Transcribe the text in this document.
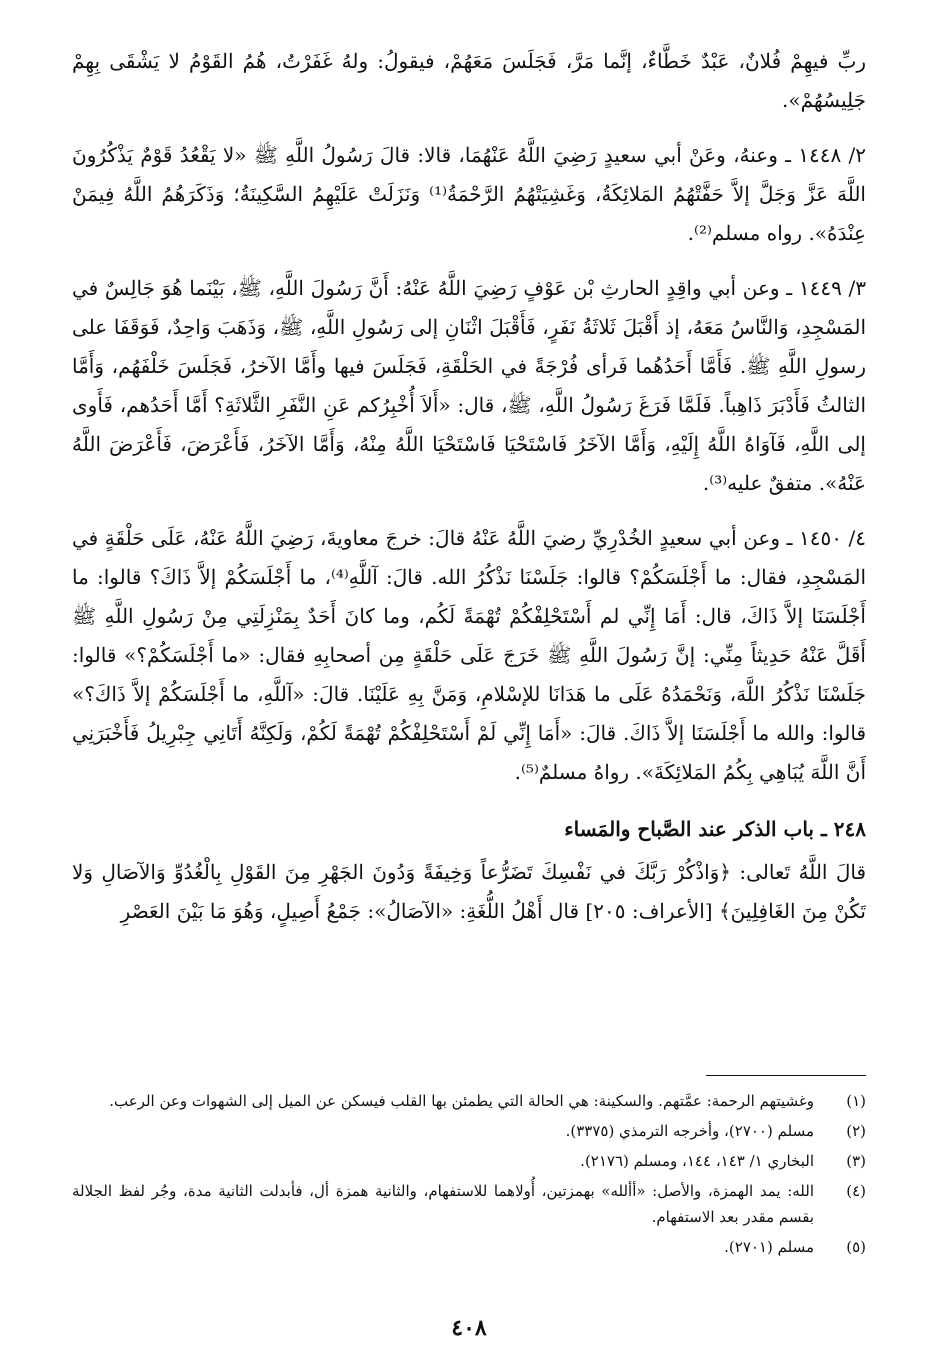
ربِّ فيهِمْ فُلانٌ، عَبْدٌ خَطَّاءٌ، إنَّما مَرَّ، فَجَلَسَ مَعَهُمْ، فيقولُ: ولهُ غَفَرْتُ، هُمُ القَوْمُ لا يَشْقَى بِهِمْ جَلِيسُهُمْ».

٢/ ١٤٤٨ ـ وعنهُ، وعَنْ أبي سعيدٍ رَضِيَ اللَّهُ عَنْهُمَا، قالا: قالَ رَسُولُ اللَّهِ ﷺ «لا يَقْعُدُ قَوْمٌ يَذْكُرُونَ اللَّهَ عَزَّ وَجَلَّ إلاَّ حَفَّتْهُمُ المَلائِكَةُ، وَغَشِيَتْهُمُ الرَّحْمَةُ⁽¹⁾ وَنَزَلَتْ عَلَيْهِمُ السَّكِينَةُ؛ وَذَكَرَهُمُ اللَّهُ فِيمَنْ عِنْدَهُ». رواه مسلم⁽²⁾.

٣/ ١٤٤٩ ـ وعن أبي واقِدٍ الحارثِ بْن عَوْفٍ رَضِيَ اللَّهُ عَنْهُ: أَنَّ رَسُولَ اللَّهِ، ﷺ، بَيْنَما هُوَ جَالِسٌ في المَسْجِدِ، وَالنَّاسُ مَعَهُ، إذ أَقْبَلَ ثَلاثَةُ نَفَرٍ، فَأَقْبَلَ اثْنَانِ إلى رَسُولِ اللَّهِ، ﷺ، وَذَهَبَ وَاحِدٌ، فَوَقَفَا على رسولِ اللَّهِ ﷺ. فَأَمَّا أَحَدُهُما فَرأى فُرْجَةً في الحَلْقَةِ، فَجَلَسَ فيها وأَمَّا الآخرُ، فَجَلَسَ خَلْفَهُم، وَأَمَّا الثالثُ فَأَدْبَرَ ذَاهِباً. فَلَمَّا فَرَغَ رَسُولُ اللَّهِ، ﷺ، قال: «أَلاَ أُخْبِرُكم عَنِ النَّفَرِ الثَّلاثَةِ؟ أَمَّا أَحَدُهم، فَأَوى إلى اللَّهِ، فَآوَاهُ اللَّهُ إِلَيْهِ، وَأَمَّا الآخَرُ فَاسْتَحْيَا فَاسْتَحْيَا اللَّهُ مِنْهُ، وَأَمَّا الآخَرُ، فَأَعْرَضَ، فَأَعْرَضَ اللَّهُ عَنْهُ». متفقٌ عليه⁽³⁾.

٤/ ١٤٥٠ ـ وعن أبي سعيدٍ الخُدْرِيِّ رضيَ اللَّهُ عَنْهُ قالَ: خرجَ معاويةَ، رَضِيَ اللَّهُ عَنْهُ، عَلَى حَلْقَةٍ في المَسْجِدِ، فقال: ما أَجْلَسَكُمْ؟ قالوا: جَلَسْنَا نَذْكُرُ الله. قالَ: آللَّهِ⁽⁴⁾، ما أَجْلَسَكُمْ إلاَّ ذَاكَ؟ قالوا: ما أَجْلَسَنَا إلاَّ ذَاكَ، قال: أَمَا إِنِّي لم أَسْتَحْلِفْكُمْ تُهْمَةً لَكُم، وما كانَ أَحَدٌ بِمَنْزِلَتِي مِنْ رَسُولِ اللَّهِ ﷺ أَقَلَّ عَنْهُ حَدِيثاً مِنِّي: إنَّ رَسُولَ اللَّهِ ﷺ خَرَجَ عَلَى حَلْقَةٍ مِن أصحابِهِ فقال: «ما أَجْلَسَكُمْ؟» قالوا: جَلَسْنَا نَذْكُرُ اللَّهَ، وَنَحْمَدُهُ عَلَى ما هَدَانَا للإسْلامِ، وَمَنَّ بِهِ عَلَيْنَا. قالَ: «آللَّهِ، ما أَجْلَسَكُمْ إلاَّ ذَاكَ؟» قالوا: والله ما أَجْلَسَنَا إلاَّ ذَاكَ. قالَ: «أَمَا إِنِّي لَمْ أَسْتَحْلِفْكُمْ تُهْمَةً لَكُمْ، وَلَكِنَّهُ أَتَانِي جِبْرِيلُ فَأَخْبَرَنِي أَنَّ اللَّهَ يُبَاهِي بِكُمُ المَلائِكَةَ». رواهُ مسلمٌ⁽⁵⁾.

٢٤٨ ـ باب الذكر عند الصَّباح والمَساء

قالَ اللَّهُ تَعالى: ﴿وَاذْكُرْ رَبَّكَ في نَفْسِكَ تَضَرُّعاً وَخِيفَةً وَدُونَ الجَهْرِ مِنَ القَوْلِ بِالْغُدُوِّ وَالآصَالِ وَلا تَكُنْ مِنَ الغَافِلِينَ﴾ [الأعراف: ٢٠٥] قال أَهْلُ اللُّغَةِ: «الآصَالُ»: جَمْعُ أَصِيلٍ، وَهُوَ مَا بَيْنَ العَصْرِ

(١)
وغشيتهم الرحمة: عمَّتهم. والسكينة: هي الحالة التي يطمئن بها القلب فيسكن عن الميل إلى الشهوات وعن الرعب.
(٢)
مسلم (٢٧٠٠)، وأخرجه الترمذي (٣٣٧٥).
(٣)
البخاري ١/ ١٤٣، ١٤٤، ومسلم (٢١٧٦).
(٤)
الله: يمد الهمزة، والأصل: «أألله» بهمزتين، أُولاهما للاستفهام، والثانية همزة أل، فأبدلت الثانية مدة، وجُر لفظ الجلالة بقسم مقدر بعد الاستفهام.
(٥)
مسلم (٢٧٠١).
٤٠٨
